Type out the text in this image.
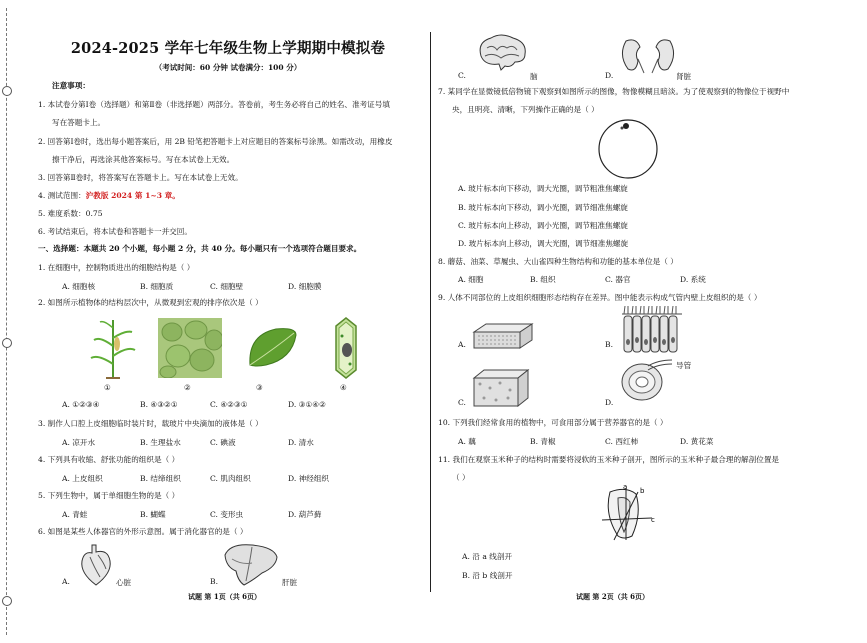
2024-2025 学年七年级生物上学期期中模拟卷
（考试时间：60 分钟 试卷满分：100 分）
注意事项：
1. 本试卷分第Ⅰ卷（选择题）和第Ⅱ卷（非选择题）两部分。答卷前，考生务必将自己的姓名、准考证号填
写在答题卡上。
2. 回答第Ⅰ卷时，选出每小题答案后，用 2B 铅笔把答题卡上对应题目的答案标号涂黑。如需改动，用橡皮
擦干净后，再选涂其他答案标号。写在本试卷上无效。
3. 回答第Ⅱ卷时，将答案写在答题卡上。写在本试卷上无效。
4. 测试范围：沪教版 2024 第 1~3 章。
5. 难度系数：0.75
6. 考试结束后，将本试卷和答题卡一并交回。
一、选择题：本题共 20 个小题，每小题 2 分，共 40 分。每小题只有一个选项符合题目要求。
1. 在细胞中，控制物质进出的细胞结构是（ ）
A. 细胞核	B. 细胞质	C. 细胞壁	D. 细胞膜
2. 如图所示植物体的结构层次中，从微观到宏观的排序依次是（ ）
①	②	③	④
A. ①②③④	B. ④③②①	C. ④②③①	D. ③①④②
3. 制作人口腔上皮细胞临时装片时，载玻片中央滴加的液体是（ ）
A. 凉开水	B. 生理盐水	C. 碘液	D. 清水
4. 下列具有收缩、舒张功能的组织是（ ）
A. 上皮组织	B. 结缔组织	C. 肌肉组织	D. 神经组织
5. 下列生物中，属于单细胞生物的是（ ）
A. 青蛙	B. 蝴蝶	C. 变形虫	D. 葫芦藓
6. 如图是某些人体器官的外形示意图。属于消化器官的是（ ）
A.	心脏	B.	肝脏
试题 第 1页（共 6页）
C.	脑	D.	肾脏
7. 某同学在显微镜低倍物镜下观察到如图所示的图像，物像模糊且暗淡。为了使观察到的物像位于视野中
央，且明亮、清晰，下列操作正确的是（ ）
A. 玻片标本向下移动，调大光圈，调节粗准焦螺旋
B. 玻片标本向下移动，调小光圈，调节细准焦螺旋
C. 玻片标本向上移动，调小光圈，调节粗准焦螺旋
D. 玻片标本向上移动，调大光圈，调节细准焦螺旋
8. 蘑菇、油菜、草履虫、大山雀四种生物结构和功能的基本单位是（ ）
A. 细胞	B. 组织	C. 器官	D. 系统
9. 人体不同部位的上皮组织细胞形态结构存在差异。图中能表示构成气管内壁上皮组织的是（ ）
A.	B.
C.	D.
导管
10. 下列我们经常食用的植物中，可食用部分属于营养器官的是（ ）
A. 藕	B. 青椒	C. 西红柿	D. 黄花菜
11. 我们在观察玉米种子的结构时需要将浸软的玉米种子剖开，图所示的玉米种子最合理的解剖位置是
（ ）
a b
c
A. 沿 a 线剖开
B. 沿 b 线剖开
试题 第 2页（共 6页）
